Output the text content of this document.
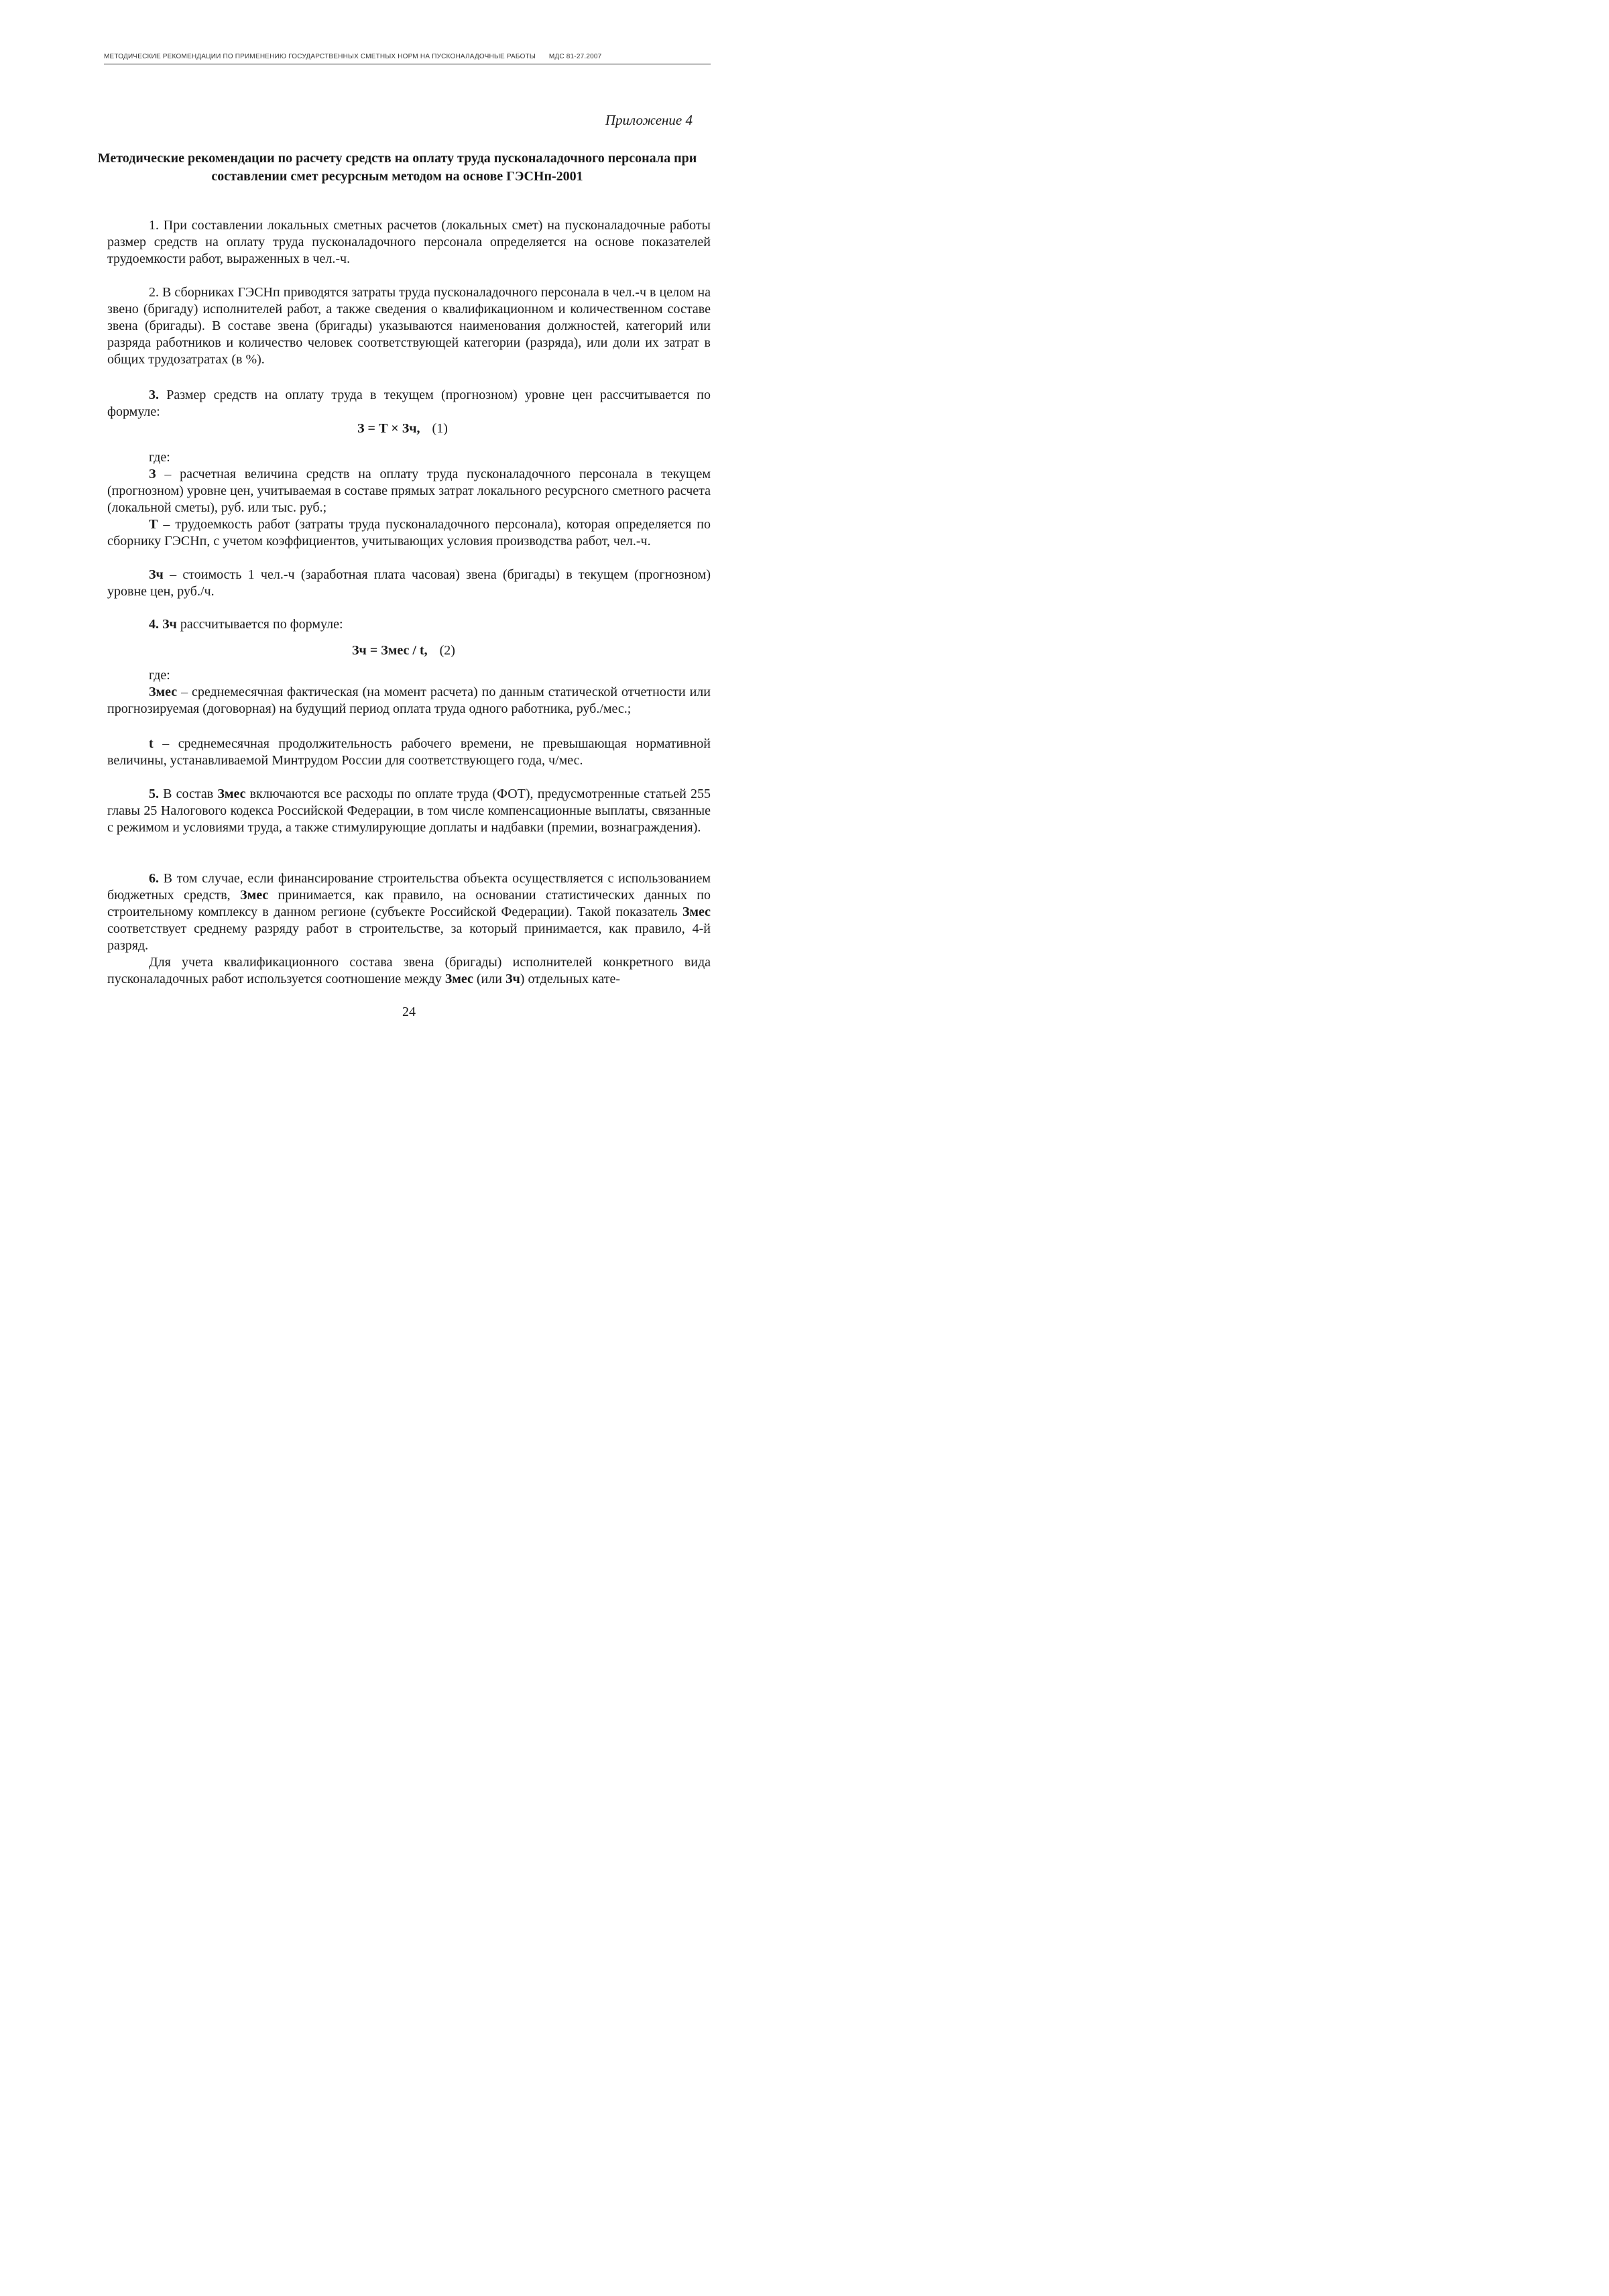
МЕТОДИЧЕСКИЕ РЕКОМЕНДАЦИИ ПО ПРИМЕНЕНИЮ ГОСУДАРСТВЕННЫХ СМЕТНЫХ НОРМ НА ПУСКОНАЛАДОЧНЫЕ РАБОТЫ МДС 81-27.2007
Приложение 4
Методические рекомендации по расчету средств на оплату труда пусконаладочного персонала при составлении смет ресурсным методом на основе ГЭСНп-2001
1. При составлении локальных сметных расчетов (локальных смет) на пусконаладочные работы размер средств на оплату труда пусконаладочного персонала определяется на основе показателей трудоемкости работ, выраженных в чел.-ч.
2. В сборниках ГЭСНп приводятся затраты труда пусконаладочного персонала в чел.-ч в целом на звено (бригаду) исполнителей работ, а также сведения о квалификационном и количественном составе звена (бригады). В составе звена (бригады) указываются наименования должностей, категорий или разряда работников и количество человек соответствующей категории (разряда), или доли их затрат в общих трудозатратах (в %).
3. Размер средств на оплату труда в текущем (прогнозном) уровне цен рассчитывается по формуле:
З = Т × Зч, (1)
где:
З – расчетная величина средств на оплату труда пусконаладочного персонала в текущем (прогнозном) уровне цен, учитываемая в составе прямых затрат локального ресурсного сметного расчета (локальной сметы), руб. или тыс. руб.;
Т – трудоемкость работ (затраты труда пусконаладочного персонала), которая определяется по сборнику ГЭСНп, с учетом коэффициентов, учитывающих условия производства работ, чел.-ч.
Зч – стоимость 1 чел.-ч (заработная плата часовая) звена (бригады) в текущем (прогнозном) уровне цен, руб./ч.
4. Зч рассчитывается по формуле:
Зч = Змес / t, (2)
где:
Змес – среднемесячная фактическая (на момент расчета) по данным статической отчетности или прогнозируемая (договорная) на будущий период оплата труда одного работника, руб./мес.;
t – среднемесячная продолжительность рабочего времени, не превышающая нормативной величины, устанавливаемой Минтрудом России для соответствующего года, ч/мес.
5. В состав Змес включаются все расходы по оплате труда (ФОТ), предусмотренные статьей 255 главы 25 Налогового кодекса Российской Федерации, в том числе компенсационные выплаты, связанные с режимом и условиями труда, а также стимулирующие доплаты и надбавки (премии, вознаграждения).
6. В том случае, если финансирование строительства объекта осуществляется с использованием бюджетных средств, Змес принимается, как правило, на основании статистических данных по строительному комплексу в данном регионе (субъекте Российской Федерации). Такой показатель Змес соответствует среднему разряду работ в строительстве, за который принимается, как правило, 4-й разряд.
Для учета квалификационного состава звена (бригады) исполнителей конкретного вида пусконаладочных работ используется соотношение между Змес (или Зч) отдельных кате-
24
